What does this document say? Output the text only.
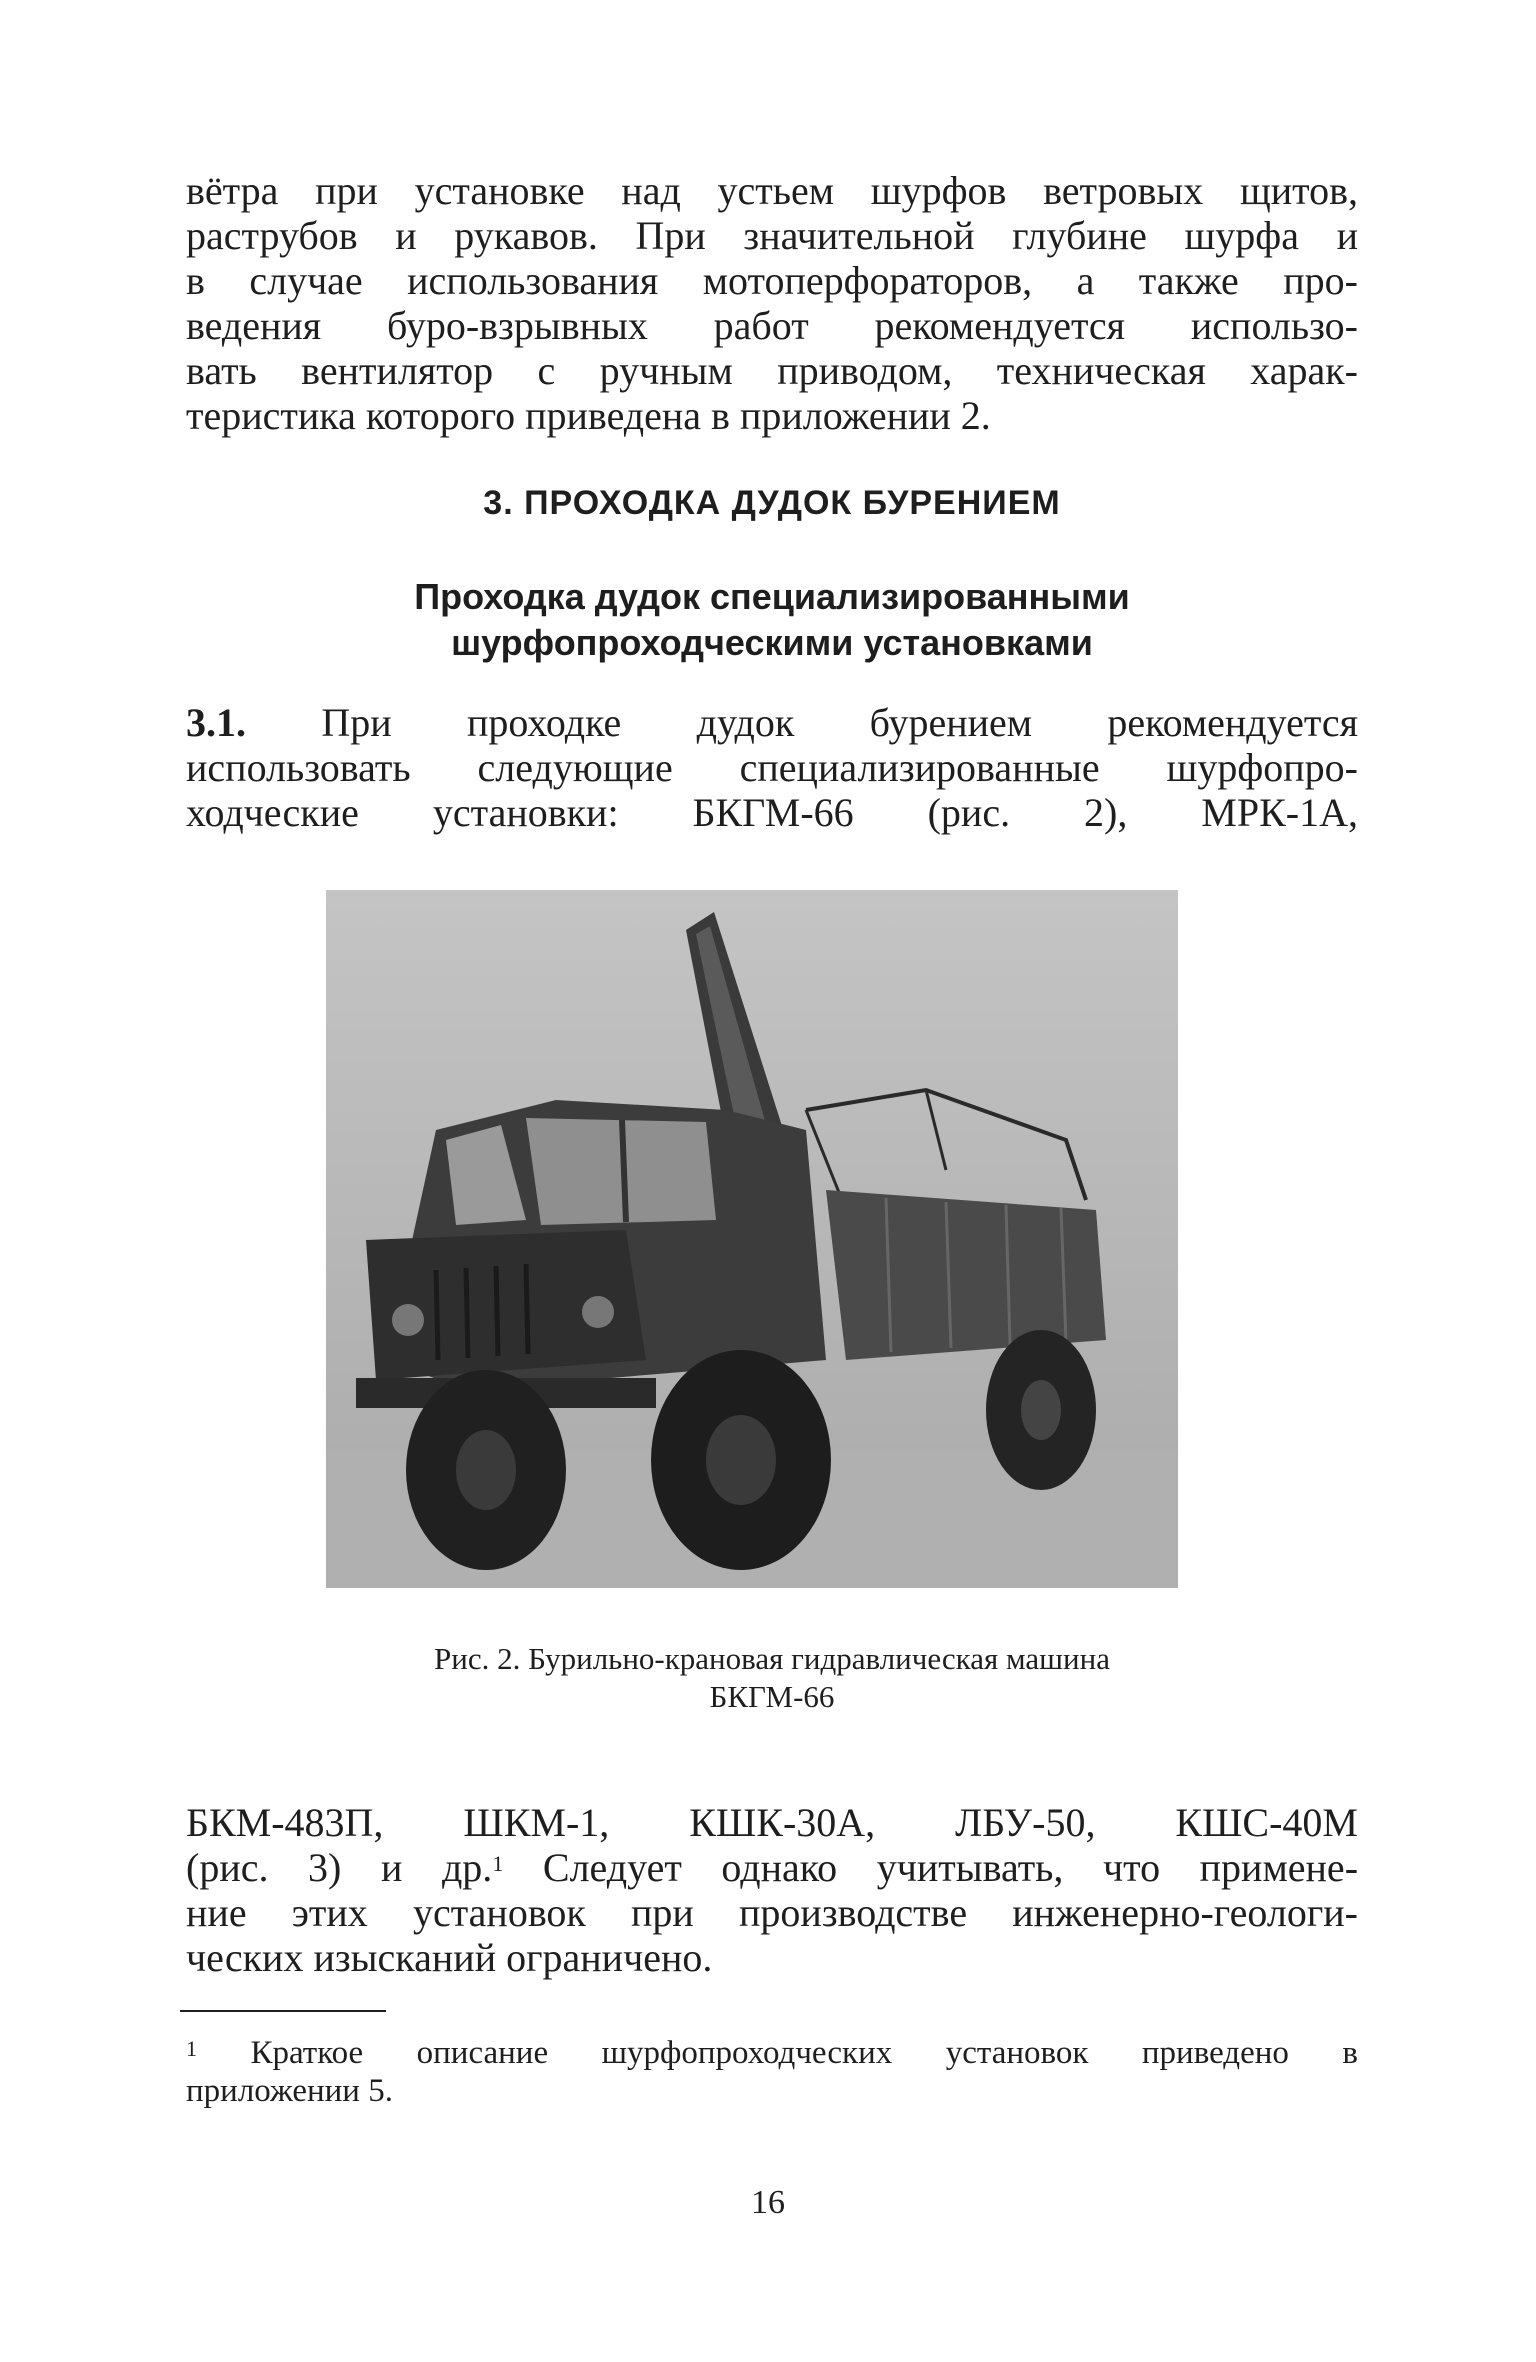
вётра при установке над устьем шурфов ветровых щитов,
раструбов и рукавов. При значительной глубине шурфа и
в случае использования мотоперфораторов, а также про-
ведения буро-взрывных работ рекомендуется использо-
вать вентилятор с ручным приводом, техническая харак-
теристика которого приведена в приложении 2.

3. ПРОХОДКА ДУДОК БУРЕНИЕМ
Проходка дудок специализированными
шурфопроходческими установками

3.1. При проходке дудок бурением рекомендуется
использовать следующие специализированные шурфопро-
ходческие установки: БКГМ-66 (рис. 2), МРК-1А,

Рис. 2. Бурильно-крановая гидравлическая машина
БКГМ-66

БКМ-483П, ШКМ-1, КШК-30А, ЛБУ-50, КШС-40М
(рис. 3) и др.$^1$ Следует однако учитывать, что примене-
ние этих установок при производстве инженерно-геологи-
ческих изысканий ограничено.

$^1$ Краткое описание шурфопроходческих установок приведено в
приложении 5.

16
